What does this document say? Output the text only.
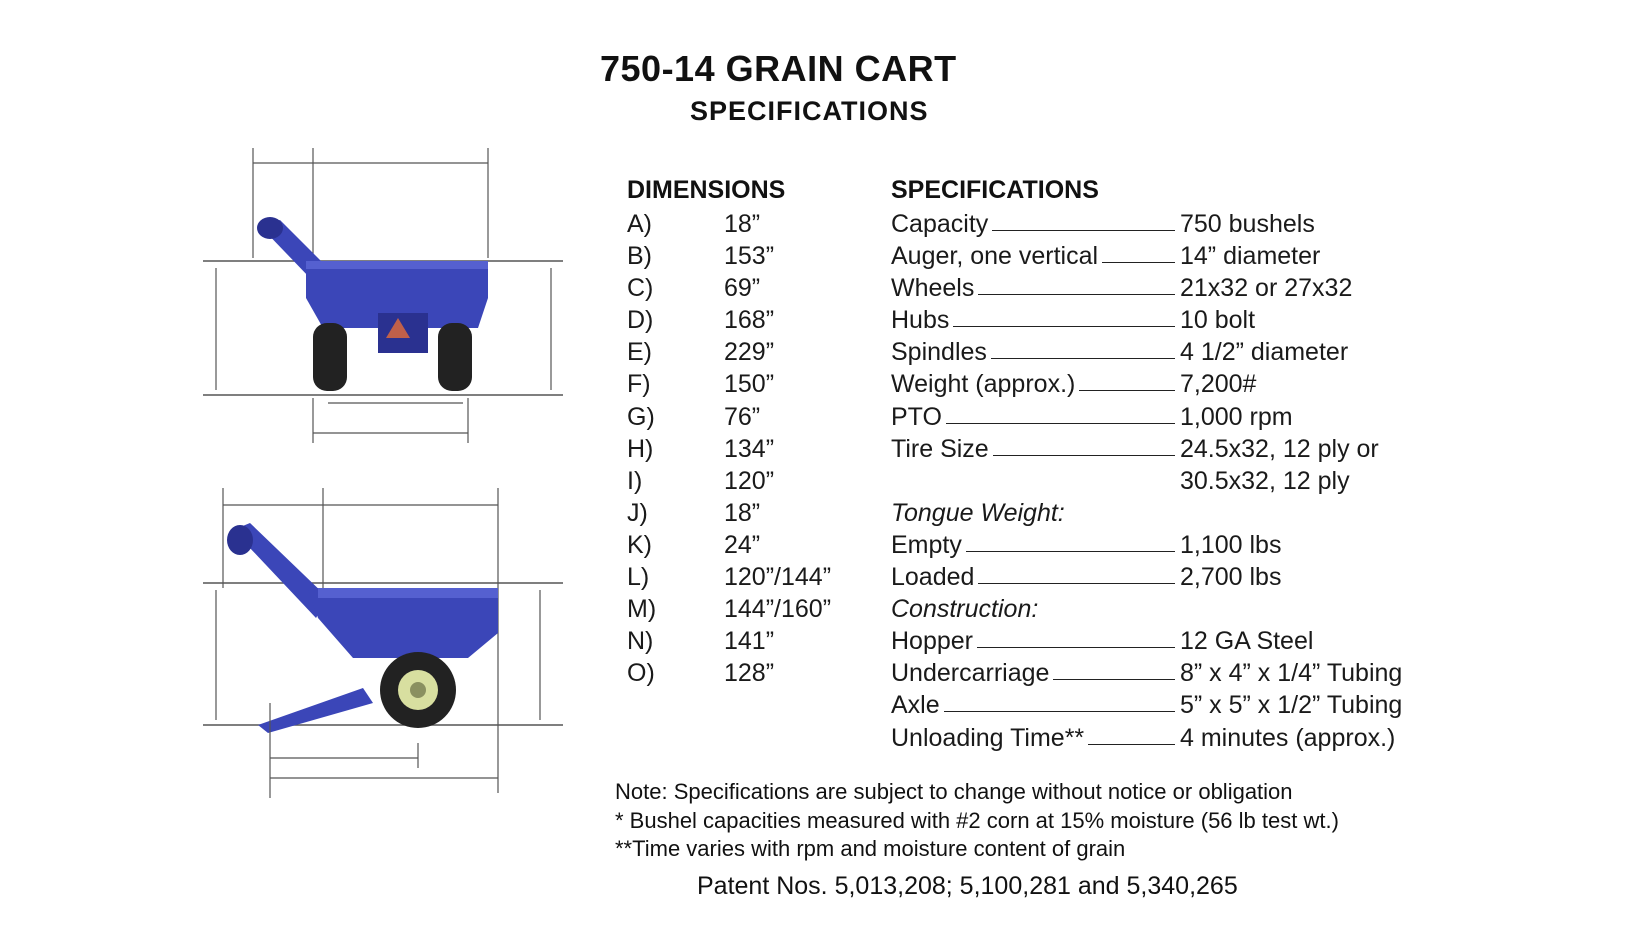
750-14 GRAIN CART
SPECIFICATIONS
DIMENSIONS
A)	18”
B)	153”
C)	69”
D)	168”
E)	229”
F)	150”
G)	76”
H)	134”
I)	120”
J)	18”
K)	24”
L)	120”/144”
M)	144”/160”
N)	141”
O)	128”
SPECIFICATIONS
Capacity	750 bushels
Auger, one vertical	14” diameter
Wheels	21x32 or 27x32
Hubs	10 bolt
Spindles	4 1/2” diameter
Weight (approx.)	7,200#
PTO	1,000 rpm
Tire Size	24.5x32, 12 ply or
30.5x32, 12 ply
Tongue Weight:
Empty	1,100 lbs
Loaded	2,700 lbs
Construction:
Hopper	12 GA Steel
Undercarriage	8” x 4” x 1/4” Tubing
Axle	5” x 5” x 1/2” Tubing
Unloading Time**	4 minutes (approx.)
Note: Specifications are subject to change without notice or obligation
* Bushel capacities measured with #2 corn at 15% moisture (56 lb test wt.)
**Time varies with rpm and moisture content of grain
Patent Nos. 5,013,208; 5,100,281 and 5,340,265
